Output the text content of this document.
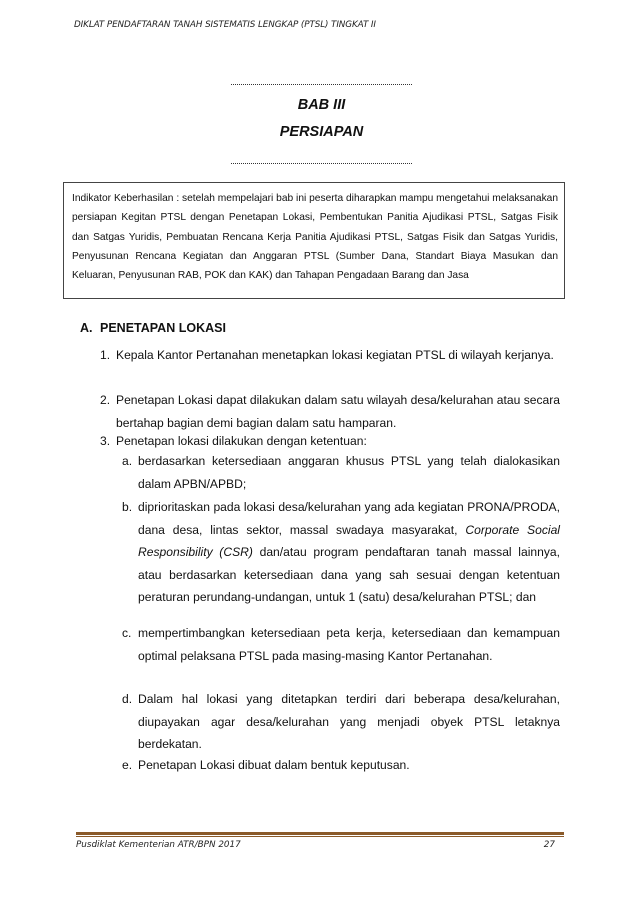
DIKLAT PENDAFTARAN TANAH SISTEMATIS LENGKAP (PTSL) TINGKAT II
BAB III
PERSIAPAN
Indikator Keberhasilan : setelah mempelajari bab ini peserta diharapkan mampu mengetahui melaksanakan persiapan Kegitan PTSL dengan Penetapan Lokasi, Pembentukan Panitia Ajudikasi PTSL, Satgas Fisik dan Satgas Yuridis, Pembuatan Rencana Kerja Panitia Ajudikasi PTSL, Satgas Fisik dan Satgas Yuridis, Penyusunan Rencana Kegiatan dan Anggaran PTSL (Sumber Dana, Standart Biaya Masukan dan Keluaran, Penyusunan RAB, POK dan KAK) dan Tahapan Pengadaan Barang dan Jasa
A. PENETAPAN LOKASI
1. Kepala Kantor Pertanahan menetapkan lokasi kegiatan PTSL di wilayah kerjanya.
2. Penetapan Lokasi dapat dilakukan dalam satu wilayah desa/kelurahan atau secara bertahap bagian demi bagian dalam satu hamparan.
3. Penetapan lokasi dilakukan dengan ketentuan:
a. berdasarkan ketersediaan anggaran khusus PTSL yang telah dialokasikan dalam APBN/APBD;
b. diprioritaskan pada lokasi desa/kelurahan yang ada kegiatan PRONA/PRODA, dana desa, lintas sektor, massal swadaya masyarakat, Corporate Social Responsibility (CSR) dan/atau program pendaftaran tanah massal lainnya, atau berdasarkan ketersediaan dana yang sah sesuai dengan ketentuan peraturan perundang-undangan, untuk 1 (satu) desa/kelurahan PTSL; dan
c. mempertimbangkan ketersediaan peta kerja, ketersediaan dan kemampuan optimal pelaksana PTSL pada masing-masing Kantor Pertanahan.
d. Dalam hal lokasi yang ditetapkan terdiri dari beberapa desa/kelurahan, diupayakan agar desa/kelurahan yang menjadi obyek PTSL letaknya berdekatan.
e. Penetapan Lokasi dibuat dalam bentuk keputusan.
Pusdiklat Kementerian ATR/BPN 2017	27
